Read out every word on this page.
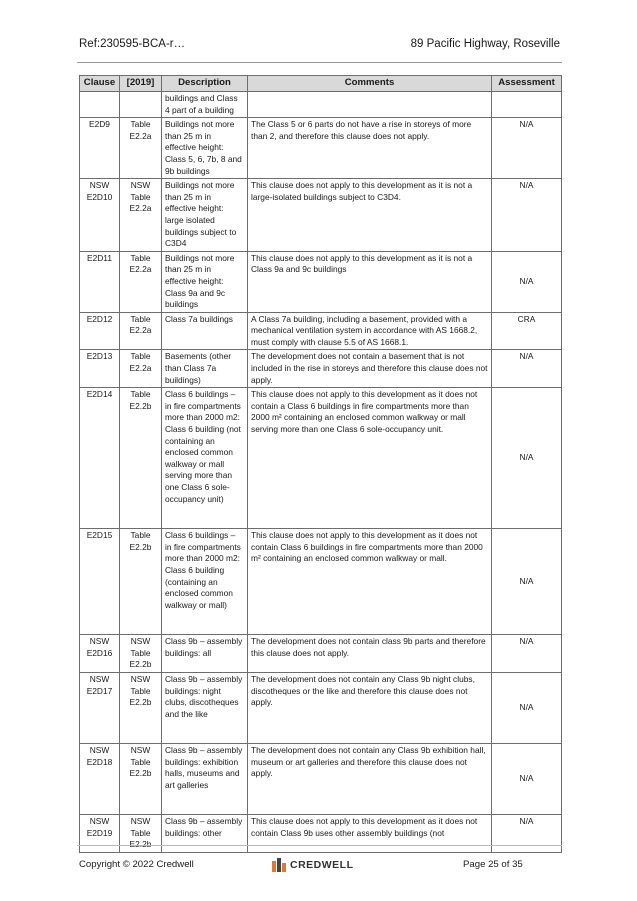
Ref:230595-BCA-r…	89 Pacific Highway, Roseville
Clause	[2019]	Description	Comments	Assessment
		buildings and Class 4 part of a building		
E2D9	Table E2.2a	Buildings not more than 25 m in effective height: Class 5, 6, 7b, 8 and 9b buildings	The Class 5 or 6 parts do not have a rise in storeys of more than 2, and therefore this clause does not apply.	N/A
NSW E2D10	NSW Table E2.2a	Buildings not more than 25 m in effective height: large isolated buildings subject to C3D4	This clause does not apply to this development as it is not a large-isolated buildings subject to C3D4.	N/A
E2D11	Table E2.2a	Buildings not more than 25 m in effective height: Class 9a and 9c buildings	This clause does not apply to this development as it is not a Class 9a and 9c buildings	N/A
E2D12	Table E2.2a	Class 7a buildings	A Class 7a building, including a basement, provided with a mechanical ventilation system in accordance with AS 1668.2, must comply with clause 5.5 of AS 1668.1.	CRA
E2D13	Table E2.2a	Basements (other than Class 7a buildings)	The development does not contain a basement that is not included in the rise in storeys and therefore this clause does not apply.	N/A
E2D14	Table E2.2b	Class 6 buildings – in fire compartments more than 2000 m2: Class 6 building (not containing an enclosed common walkway or mall serving more than one Class 6 sole-occupancy unit)	This clause does not apply to this development as it does not contain a Class 6 buildings in fire compartments more than 2000 m² containing an enclosed common walkway or mall serving more than one Class 6 sole-occupancy unit.	N/A
E2D15	Table E2.2b	Class 6 buildings – in fire compartments more than 2000 m2: Class 6 building (containing an enclosed common walkway or mall)	This clause does not apply to this development as it does not contain Class 6 buildings in fire compartments more than 2000 m² containing an enclosed common walkway or mall.	N/A
NSW E2D16	NSW Table E2.2b	Class 9b – assembly buildings: all	The development does not contain class 9b parts and therefore this clause does not apply.	N/A
NSW E2D17	NSW Table E2.2b	Class 9b – assembly buildings: night clubs, discotheques and the like	The development does not contain any Class 9b night clubs, discotheques or the like and therefore this clause does not apply.	N/A
NSW E2D18	NSW Table E2.2b	Class 9b – assembly buildings: exhibition halls, museums and art galleries	The development does not contain any Class 9b exhibition hall, museum or art galleries and therefore this clause does not apply.	N/A
NSW E2D19	NSW Table	Class 9b – assembly buildings: other	This clause does not apply to this development as it does not contain Class 9b uses other assembly buildings (not	N/A
Copyright © 2022 Credwell	CREDWELL	Page 25 of 35
